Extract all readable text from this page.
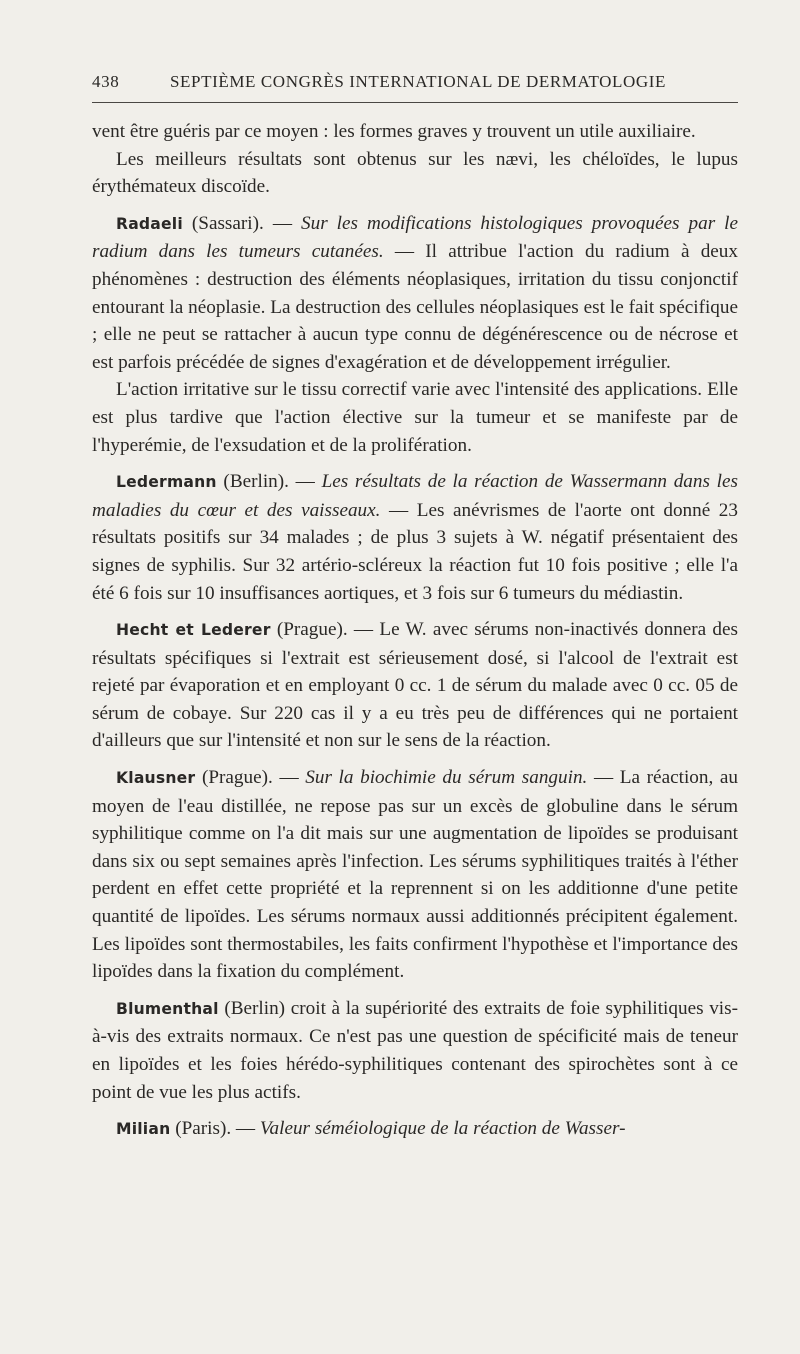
438	SEPTIÈME CONGRÈS INTERNATIONAL DE DERMATOLOGIE

vent être guéris par ce moyen : les formes graves y trouvent un utile auxiliaire.

Les meilleurs résultats sont obtenus sur les nævi, les chéloïdes, le lupus érythémateux discoïde.

Radaeli (Sassari). — Sur les modifications histologiques provoquées par le radium dans les tumeurs cutanées. — Il attribue l'action du radium à deux phénomènes : destruction des éléments néoplasiques, irritation du tissu conjonctif entourant la néoplasie. La destruction des cellules néoplasiques est le fait spécifique ; elle ne peut se rattacher à aucun type connu de dégénérescence ou de nécrose et est parfois précédée de signes d'exagération et de développement irrégulier.

L'action irritative sur le tissu correctif varie avec l'intensité des applications. Elle est plus tardive que l'action élective sur la tumeur et se manifeste par de l'hyperémie, de l'exsudation et de la prolifération.

Ledermann (Berlin). — Les résultats de la réaction de Wassermann dans les maladies du cœur et des vaisseaux. — Les anévrismes de l'aorte ont donné 23 résultats positifs sur 34 malades ; de plus 3 sujets à W. négatif présentaient des signes de syphilis. Sur 32 artério-scléreux la réaction fut 10 fois positive ; elle l'a été 6 fois sur 10 insuffisances aortiques, et 3 fois sur 6 tumeurs du médiastin.

Hecht et Lederer (Prague). — Le W. avec sérums non-inactivés donnera des résultats spécifiques si l'extrait est sérieusement dosé, si l'alcool de l'extrait est rejeté par évaporation et en employant 0 cc. 1 de sérum du malade avec 0 cc. 05 de sérum de cobaye. Sur 220 cas il y a eu très peu de différences qui ne portaient d'ailleurs que sur l'intensité et non sur le sens de la réaction.

Klausner (Prague). — Sur la biochimie du sérum sanguin. — La réaction, au moyen de l'eau distillée, ne repose pas sur un excès de globuline dans le sérum syphilitique comme on l'a dit mais sur une augmentation de lipoïdes se produisant dans six ou sept semaines après l'infection. Les sérums syphilitiques traités à l'éther perdent en effet cette propriété et la reprennent si on les additionne d'une petite quantité de lipoïdes. Les sérums normaux aussi additionnés précipitent également. Les lipoïdes sont thermostabiles, les faits confirment l'hypothèse et l'importance des lipoïdes dans la fixation du complément.

Blumenthal (Berlin) croit à la supériorité des extraits de foie syphilitiques vis-à-vis des extraits normaux. Ce n'est pas une question de spécificité mais de teneur en lipoïdes et les foies hérédo-syphilitiques contenant des spirochètes sont à ce point de vue les plus actifs.

Milian (Paris). — Valeur séméiologique de la réaction de Wasser-
